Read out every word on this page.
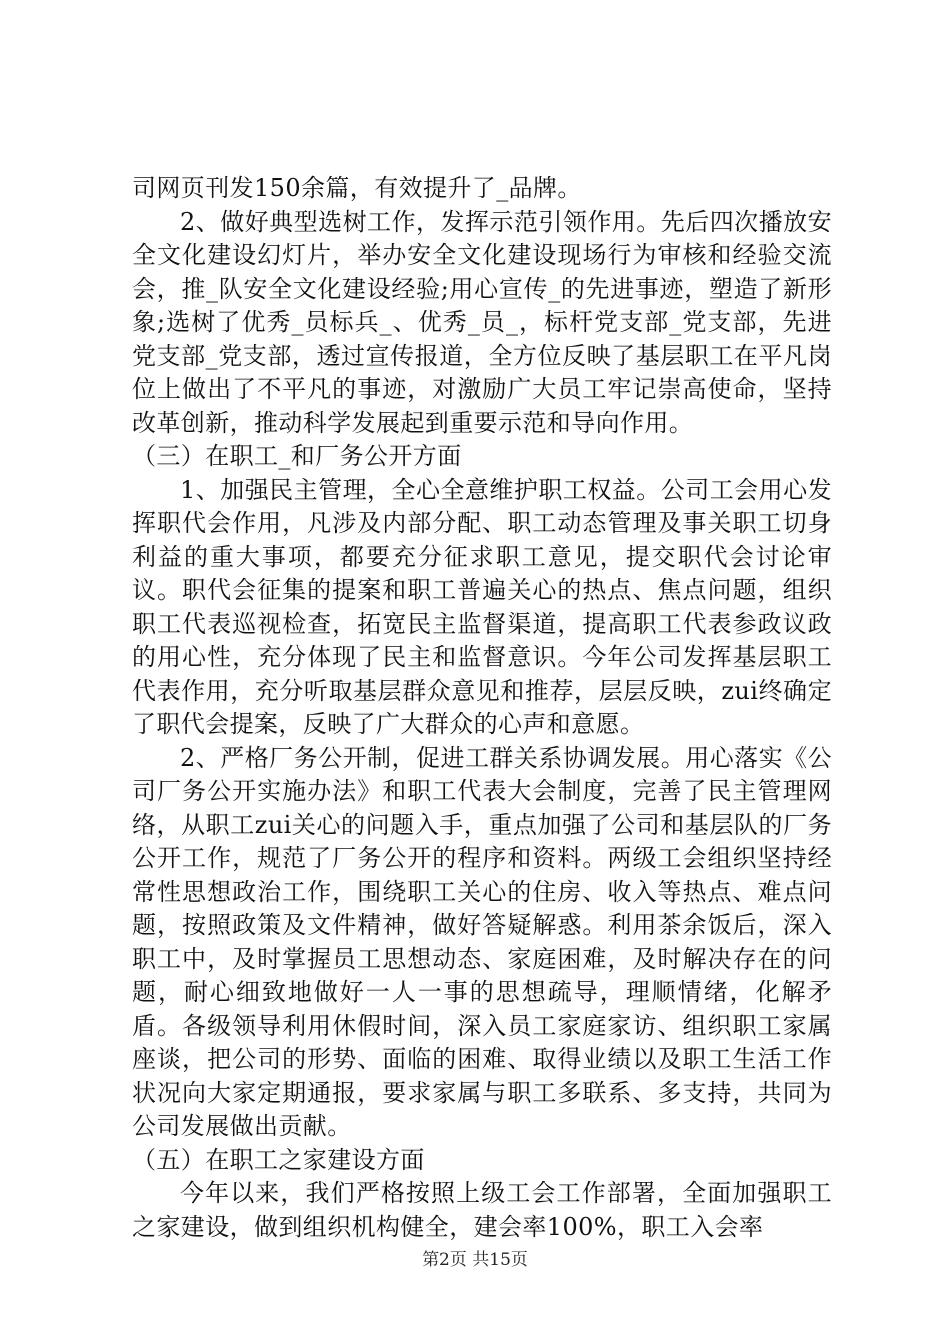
司网页刊发150余篇，有效提升了_品牌。

2、做好典型选树工作，发挥示范引领作用。先后四次播放安全文化建设幻灯片，举办安全文化建设现场行为审核和经验交流会，推_队安全文化建设经验;用心宣传_的先进事迹，塑造了新形象;选树了优秀_员标兵_、优秀_员_，标杆党支部_党支部，先进党支部_党支部，透过宣传报道，全方位反映了基层职工在平凡岗位上做出了不平凡的事迹，对激励广大员工牢记崇高使命，坚持改革创新，推动科学发展起到重要示范和导向作用。

（三）在职工_和厂务公开方面

1、加强民主管理，全心全意维护职工权益。公司工会用心发挥职代会作用，凡涉及内部分配、职工动态管理及事关职工切身利益的重大事项，都要充分征求职工意见，提交职代会讨论审议。职代会征集的提案和职工普遍关心的热点、焦点问题，组织职工代表巡视检查，拓宽民主监督渠道，提高职工代表参政议政的用心性，充分体现了民主和监督意识。今年公司发挥基层职工代表作用，充分听取基层群众意见和推荐，层层反映，zui终确定了职代会提案，反映了广大群众的心声和意愿。

2、严格厂务公开制，促进工群关系协调发展。用心落实《公司厂务公开实施办法》和职工代表大会制度，完善了民主管理网络，从职工zui关心的问题入手，重点加强了公司和基层队的厂务公开工作，规范了厂务公开的程序和资料。两级工会组织坚持经常性思想政治工作，围绕职工关心的住房、收入等热点、难点问题，按照政策及文件精神，做好答疑解惑。利用茶余饭后，深入职工中，及时掌握员工思想动态、家庭困难，及时解决存在的问题，耐心细致地做好一人一事的思想疏导，理顺情绪，化解矛盾。各级领导利用休假时间，深入员工家庭家访、组织职工家属座谈，把公司的形势、面临的困难、取得业绩以及职工生活工作状况向大家定期通报，要求家属与职工多联系、多支持，共同为公司发展做出贡献。

（五）在职工之家建设方面

今年以来，我们严格按照上级工会工作部署，全面加强职工之家建设，做到组织机构健全，建会率100%，职工入会率

第2页 共15页
